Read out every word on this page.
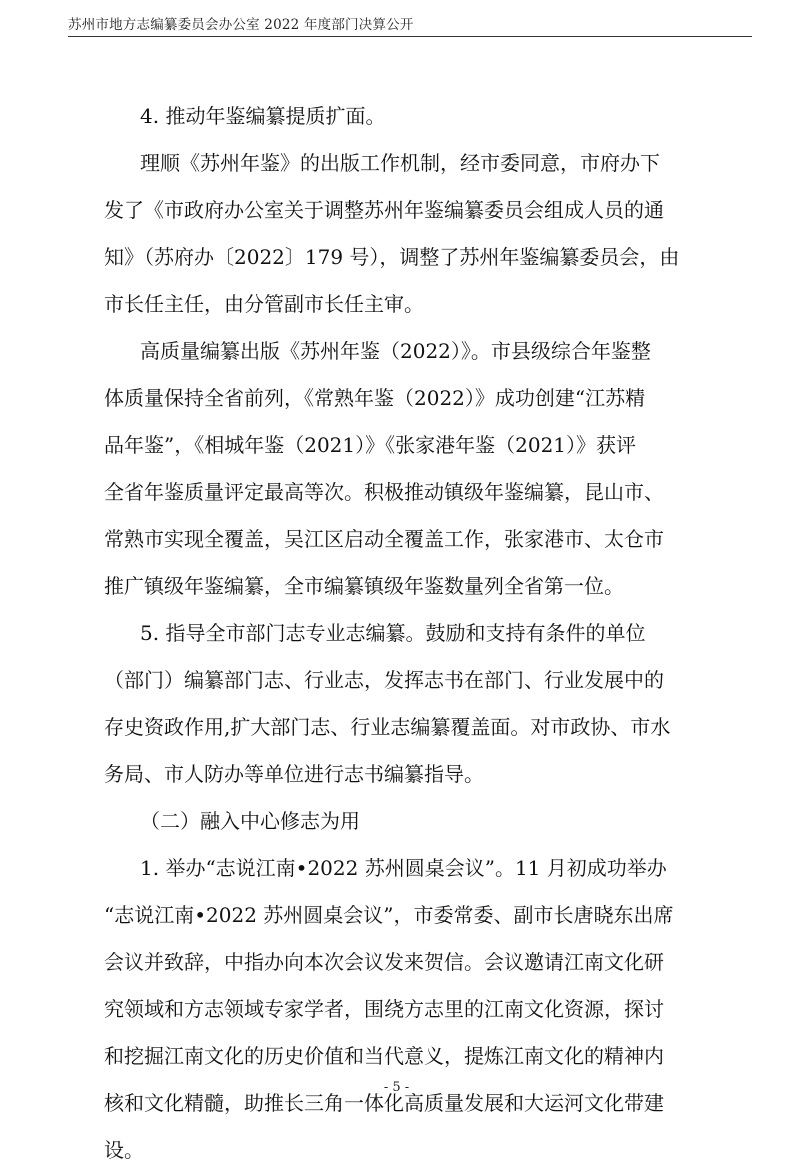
苏州市地方志编纂委员会办公室 2022 年度部门决算公开
4. 推动年鉴编纂提质扩面。
理顺《苏州年鉴》的出版工作机制，经市委同意，市府办下
发了《市政府办公室关于调整苏州年鉴编纂委员会组成人员的通
知》（苏府办〔2022〕179 号），调整了苏州年鉴编纂委员会，由
市长任主任，由分管副市长任主审。
高质量编纂出版《苏州年鉴（2022）》。市县级综合年鉴整
体质量保持全省前列，《常熟年鉴（2022）》成功创建“江苏精
品年鉴”，《相城年鉴（2021）》《张家港年鉴（2021）》获评
全省年鉴质量评定最高等次。积极推动镇级年鉴编纂，昆山市、
常熟市实现全覆盖，吴江区启动全覆盖工作，张家港市、太仓市
推广镇级年鉴编纂，全市编纂镇级年鉴数量列全省第一位。
5. 指导全市部门志专业志编纂。鼓励和支持有条件的单位
（部门）编纂部门志、行业志，发挥志书在部门、行业发展中的
存史资政作用,扩大部门志、行业志编纂覆盖面。对市政协、市水
务局、市人防办等单位进行志书编纂指导。
（二）融入中心修志为用
1. 举办“志说江南•2022 苏州圆桌会议”。11 月初成功举办
“志说江南•2022 苏州圆桌会议”，市委常委、副市长唐晓东出席
会议并致辞，中指办向本次会议发来贺信。会议邀请江南文化研
究领域和方志领域专家学者，围绕方志里的江南文化资源，探讨
和挖掘江南文化的历史价值和当代意义，提炼江南文化的精神内
核和文化精髓，助推长三角一体化高质量发展和大运河文化带建
设。
- 5 -
